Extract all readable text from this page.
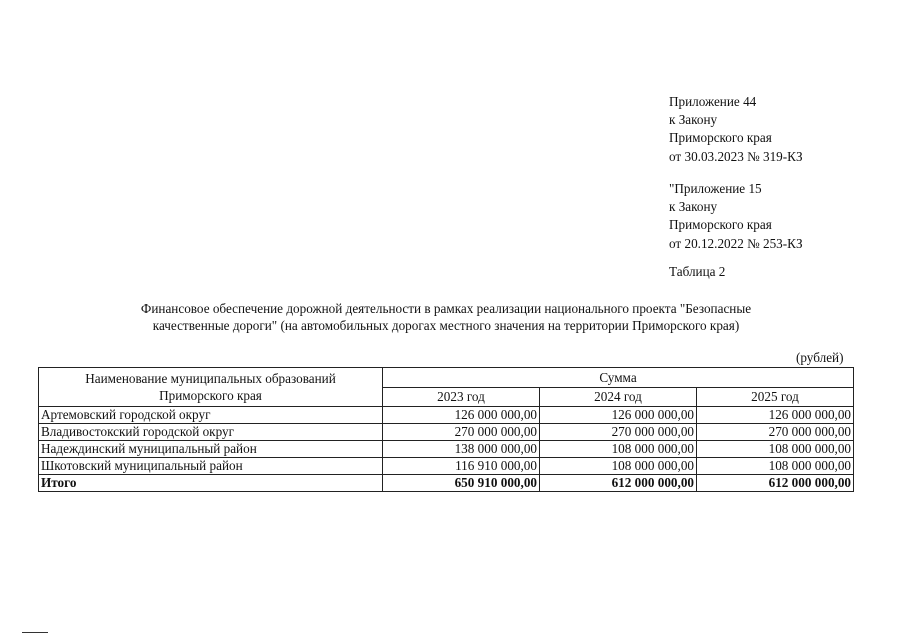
Приложение 44
к Закону
Приморского края
от 30.03.2023 № 319-КЗ
"Приложение 15
к Закону
Приморского края
от 20.12.2022 № 253-КЗ
Таблица 2
Финансовое обеспечение дорожной деятельности в рамках реализации национального проекта "Безопасные
качественные дороги" (на автомобильных дорогах местного значения на территории Приморского края)
(рублей)
Наименование муниципальных образований
Приморского края	Сумма		
	2023 год	2024 год	2025 год
Артемовский городской округ	126 000 000,00	126 000 000,00	126 000 000,00
Владивостокский городской округ	270 000 000,00	270 000 000,00	270 000 000,00
Надеждинский муниципальный район	138 000 000,00	108 000 000,00	108 000 000,00
Шкотовский муниципальный район	116 910 000,00	108 000 000,00	108 000 000,00
Итого	650 910 000,00	612 000 000,00	612 000 000,00
